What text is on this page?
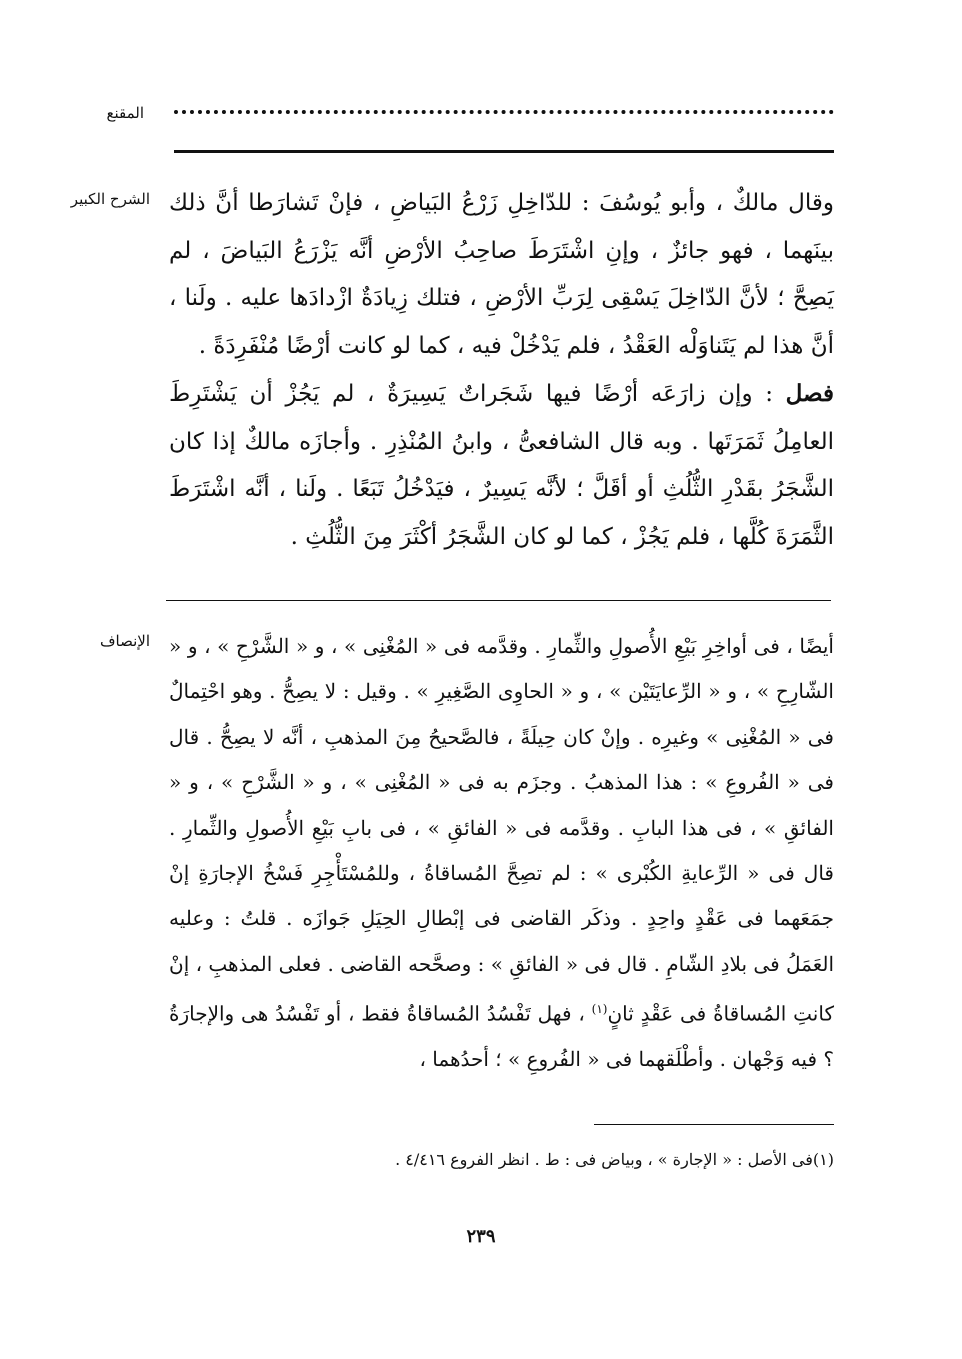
المقنع
الشرح الكبير وقال مالكٌ ، وأبو يُوسُفَ : للدّاخِلِ زَرْعُ البَياضِ ، فإنْ تَشارَطا أنَّ ذلك بينَهما ، فهو جائزٌ ، وإنِ اشْتَرَطَ صاحِبُ الأرْضِ أنَّه يَزْرَعُ البَياضَ ، لم يَصِحَّ ؛ لأنَّ الدّاخِلَ يَسْقِى لِرَبِّ الأرْضِ ، فتلك زِيادَةٌ ازْدادَها عليه . ولَنا ، أنَّ هذا لم يَتَناوَلْه العَقْدُ ، فلم يَدْخُلْ فيه ، كما لو كانت أرْضًا مُنْفَرِدَةً .

فصل : وإن زارَعَه أرْضًا فيها شَجَراتٌ يَسِيرَةٌ ، لم يَجُزْ أن يَشْتَرِطَ العامِلُ ثَمَرَتَها . وبه قال الشافعىُّ ، وابنُ المُنْذِرِ . وأجازَه مالكٌ إذا كان الشَّجَرُ بقَدْرِ الثُّلُثِ أو أقَلَّ ؛ لأنَّه يَسِيرٌ ، فيَدْخُلُ تَبَعًا . ولَنا ، أنَّه اشْتَرَطَ الثَّمَرَةَ كُلَّها ، فلم يَجُزْ ، كما لو كان الشَّجَرُ أكْثَرَ مِنَ الثُّلُثِ .

الإنصاف أيضًا ، فى أواخِرِ بَيْعِ الأُصولِ والثِّمارِ . وقدَّمه فى « المُغْنِى » ، و « الشَّرْحِ » ، و « الشّارِحِ » ، و « الرِّعايَتَيْن » ، و « الحاوِى الصَّغِيرِ » . وقيل : لا يصِحُّ . وهو احْتِمالٌ فى « المُغْنِى » وغيرِه . وإنْ كان حِيلَةً ، فالصَّحيحُ مِنَ المذهبِ ، أنَّه لا يصِحُّ . قال فى « الفُروعِ » : هذا المذهبُ . وجزَم به فى « المُغْنِى » ، و « الشَّرْحِ » ، و « الفائقِ » ، فى هذا البابِ . وقدَّمه فى « الفائقِ » ، فى بابِ بَيْعِ الأُصولِ والثِّمارِ . قال فى « الرِّعايةِ الكُبْرى » : لم تصِحَّ المُساقاةُ ، وللمُسْتَأْجِرِ فَسْخُ الإجارَةِ إنْ جمَعَهما فى عَقْدٍ واحِدٍ . وذكَر القاضى فى إبْطالِ الحِيَلِ جَوازَه . قلتُ : وعليه العَمَلُ فى بلادِ الشّامِ . قال فى « الفائقِ » : وصحَّحه القاضى . فعلى المذهبِ ، إنْ كانتِ المُساقاةُ فى عَقْدٍ ثانٍ$^{(١)}$ ، فهل تَفْسُدُ المُساقاةُ فقط ، أو تَفْسُدُ هى والإجارَةُ ؟ فيه وَجْهان . وأطْلَقهما فى « الفُروعِ » ؛ أحدُهما ،
(١)فى الأصل : « الإجارة » ، وبياض فى : ط . انظر الفروع ٤/٤١٦ .
٢٣٩
